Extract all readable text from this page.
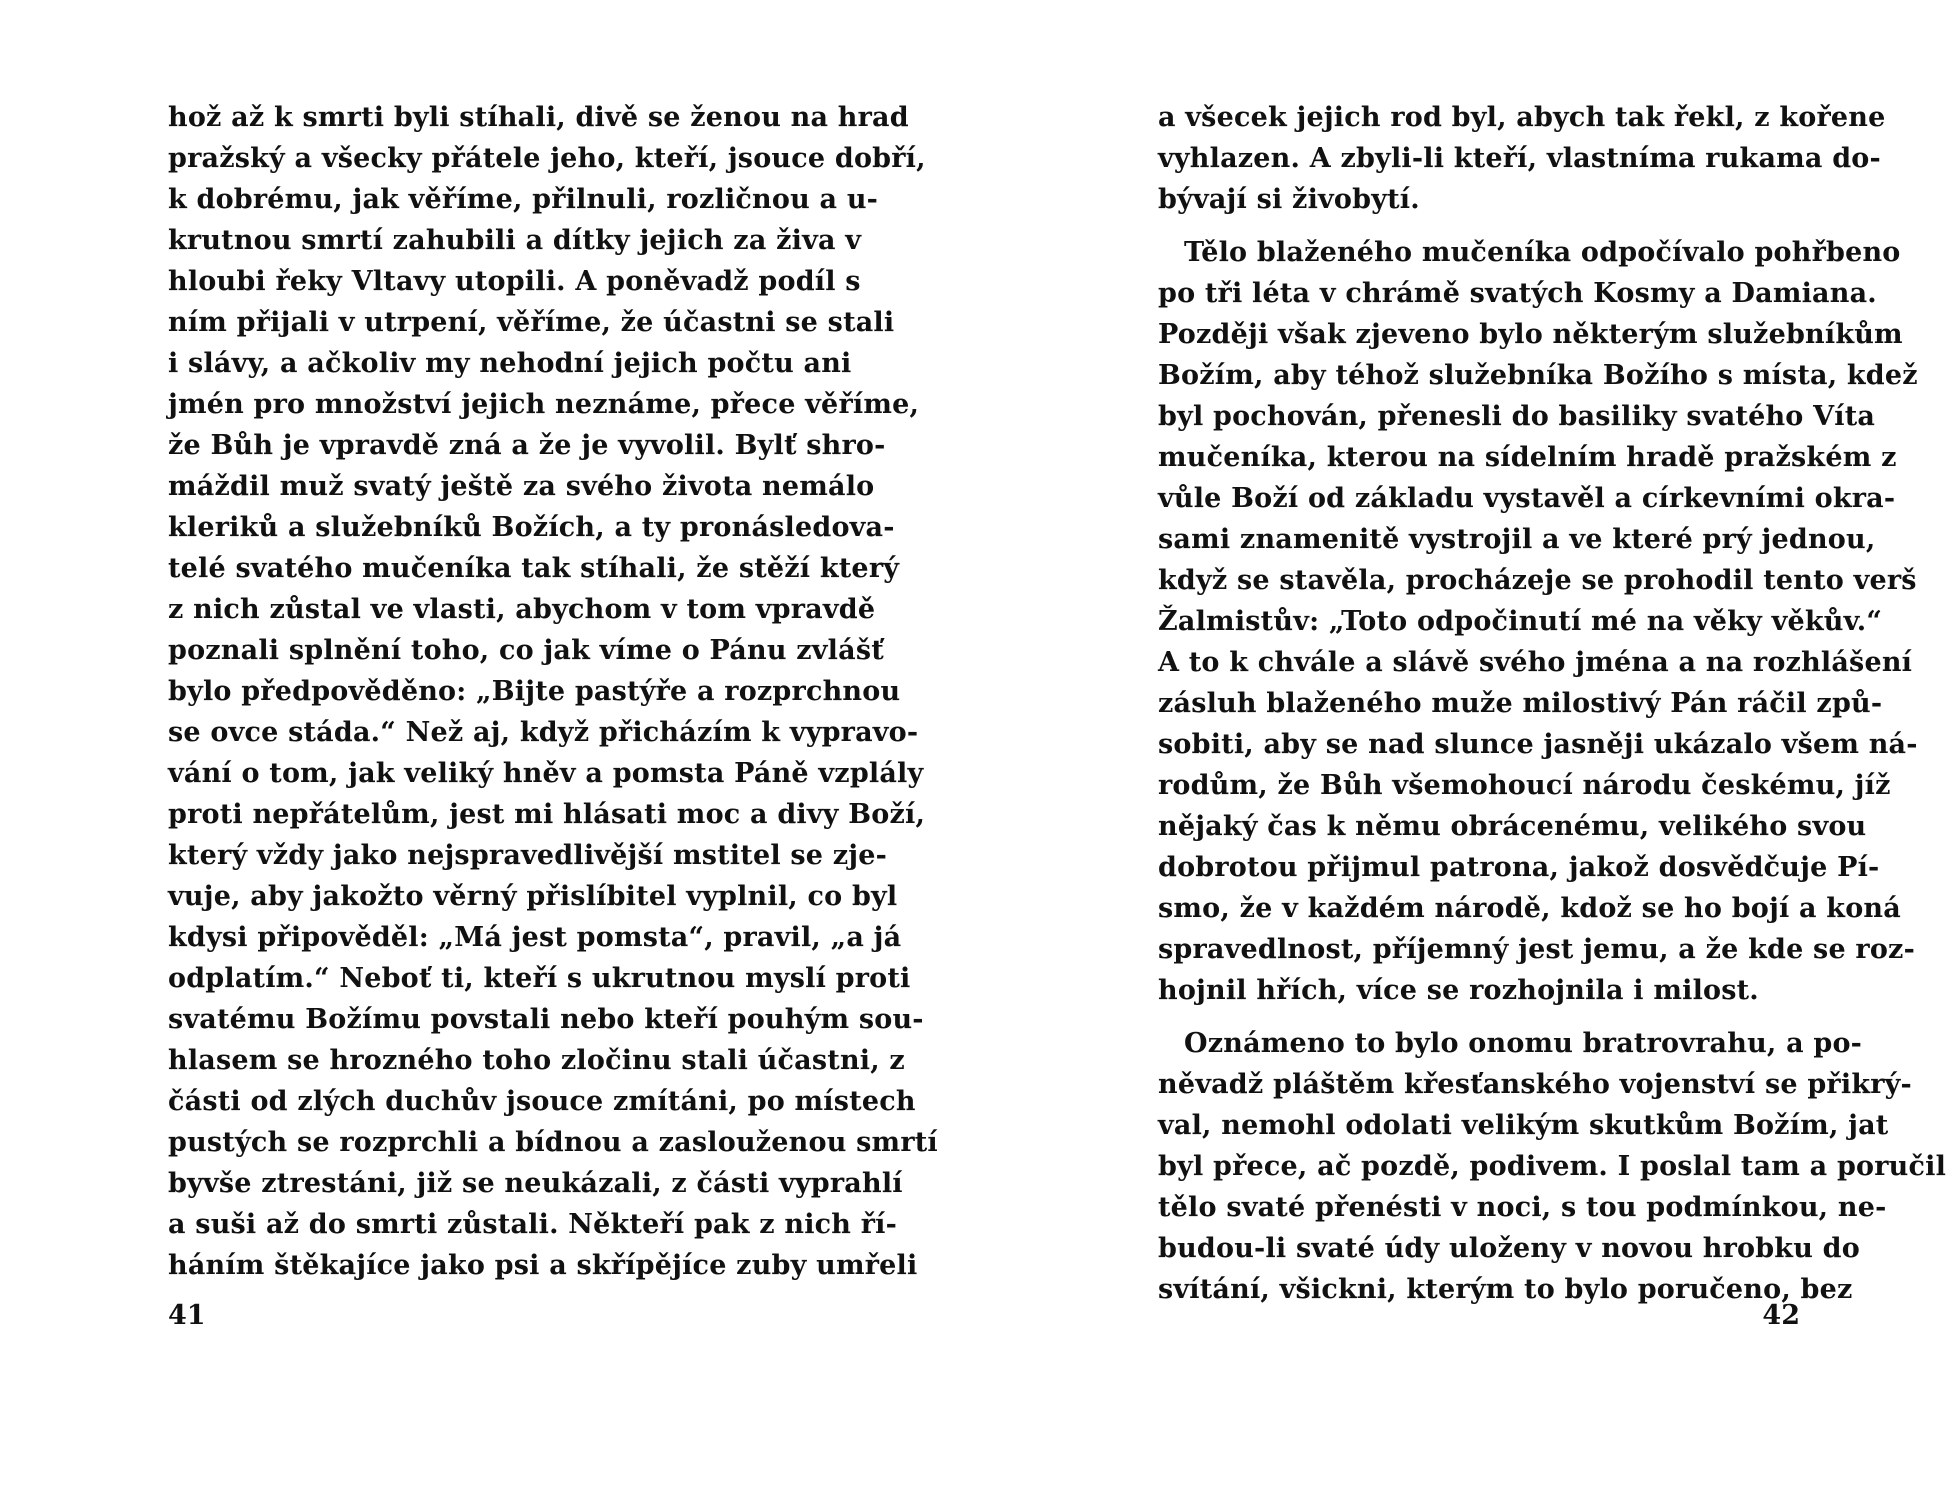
hož až k smrti byli stíhali, divě se ženou na hrad
pražský a všecky přátele jeho, kteří, jsouce dobří,
k dobrému, jak věříme, přilnuli, rozličnou a u-
krutnou smrtí zahubili a dítky jejich za živa v
hloubi řeky Vltavy utopili. A poněvadž podíl s
ním přijali v utrpení, věříme, že účastni se stali
i slávy, a ačkoliv my nehodní jejich počtu ani
jmén pro množství jejich neznáme, přece věříme,
že Bůh je vpravdě zná a že je vyvolil. Bylť shro-
máždil muž svatý ještě za svého života nemálo
kleriků a služebníků Božích, a ty pronásledova-
telé svatého mučeníka tak stíhali, že stěží který
z nich zůstal ve vlasti, abychom v tom vpravdě
poznali splnění toho, co jak víme o Pánu zvlášť
bylo předpověděno: „Bijte pastýře a rozprchnou
se ovce stáda.“ Než aj, když přicházím k vypravo-
vání o tom, jak veliký hněv a pomsta Páně vzplály
proti nepřátelům, jest mi hlásati moc a divy Boží,
který vždy jako nejspravedlivější mstitel se zje-
vuje, aby jakožto věrný přislíbitel vyplnil, co byl
kdysi připověděl: „Má jest pomsta“, pravil, „a já
odplatím.“ Neboť ti, kteří s ukrutnou myslí proti
svatému Božímu povstali nebo kteří pouhým sou-
hlasem se hrozného toho zločinu stali účastni, z
části od zlých duchův jsouce zmítáni, po místech
pustých se rozprchli a bídnou a zaslouženou smrtí
byvše ztrestáni, již se neukázali, z části vyprahlí
a suši až do smrti zůstali. Někteří pak z nich ří-
háním štěkajíce jako psi a skřípějíce zuby umřeli
41
a všecek jejich rod byl, abych tak řekl, z kořene
vyhlazen. A zbyli-li kteří, vlastníma rukama do-
bývají si živobytí.
Tělo blaženého mučeníka odpočívalo pohřbeno
po tři léta v chrámě svatých Kosmy a Damiana.
Později však zjeveno bylo některým služebníkům
Božím, aby téhož služebníka Božího s místa, kdež
byl pochován, přenesli do basiliky svatého Víta
mučeníka, kterou na sídelním hradě pražském z
vůle Boží od základu vystavěl a církevními okra-
sami znamenitě vystrojil a ve které prý jednou,
když se stavěla, procházeje se prohodil tento verš
Žalmistův: „Toto odpočinutí mé na věky věkův.“
A to k chvále a slávě svého jména a na rozhlášení
zásluh blaženého muže milostivý Pán ráčil způ-
sobiti, aby se nad slunce jasněji ukázalo všem ná-
rodům, že Bůh všemohoucí národu českému, jíž
nějaký čas k němu obrácenému, velikého svou
dobrotou přijmul patrona, jakož dosvědčuje Pí-
smo, že v každém národě, kdož se ho bojí a koná
spravedlnost, příjemný jest jemu, a že kde se roz-
hojnil hřích, více se rozhojnila i milost.
Oznámeno to bylo onomu bratrovrahu, a po-
něvadž pláštěm křesťanského vojenství se přikrý-
val, nemohl odolati velikým skutkům Božím, jat
byl přece, ač pozdě, podivem. I poslal tam a poručil
tělo svaté přenésti v noci, s tou podmínkou, ne-
budou-li svaté údy uloženy v novou hrobku do
svítání, všickni, kterým to bylo poručeno, bez
42
